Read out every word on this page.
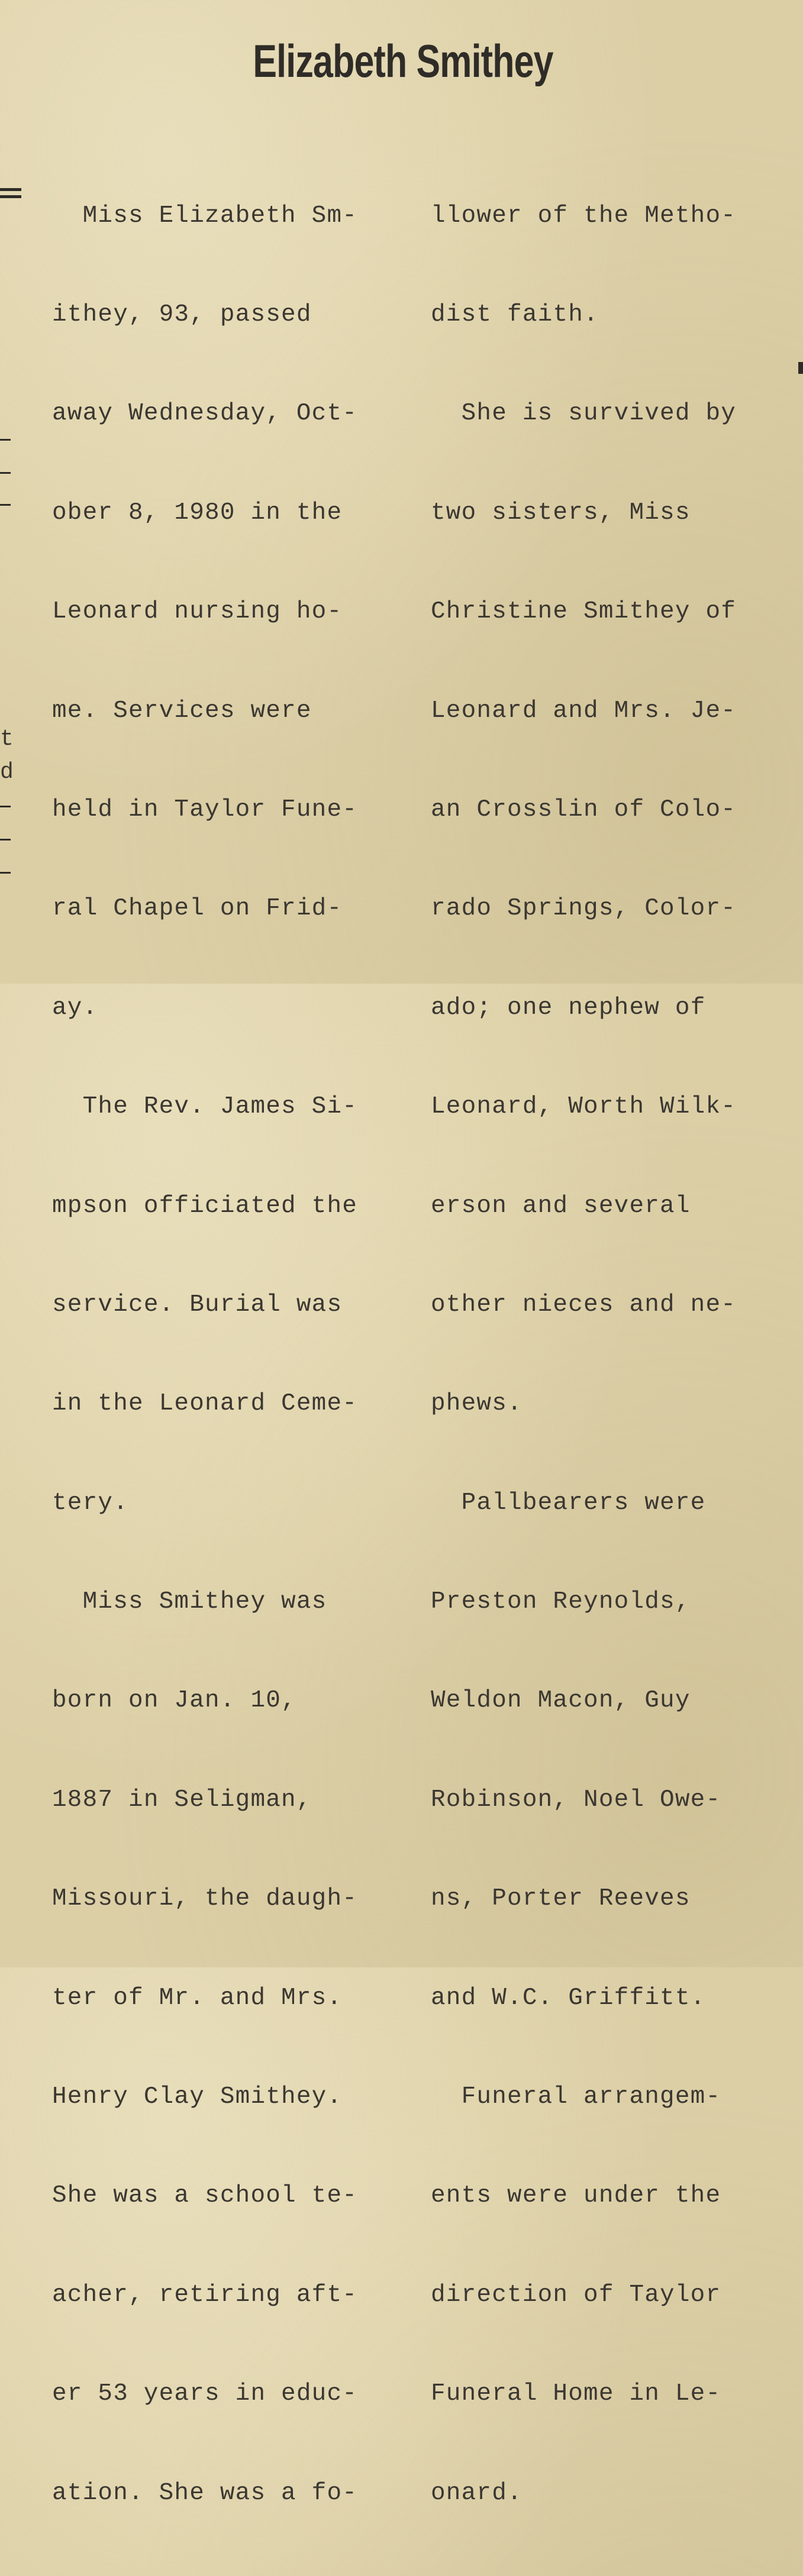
Elizabeth Smithey

Miss Elizabeth Sm-

ithey, 93, passed

away Wednesday, Oct-

ober 8, 1980 in the

Leonard nursing ho-

me. Services were

held in Taylor Fune-

ral Chapel on Frid-

ay.

The Rev. James Si-

mpson officiated the

service. Burial was

in the Leonard Ceme-

tery.

Miss Smithey was

born on Jan. 10,

1887 in Seligman,

Missouri, the daugh-

ter of Mr. and Mrs.

Henry Clay Smithey.

She was a school te-

acher, retiring aft-

er 53 years in educ-

ation. She was a fo-

llower of the Metho-

dist faith.

She is survived by

two sisters, Miss

Christine Smithey of

Leonard and Mrs. Je-

an Crosslin of Colo-

rado Springs, Color-

ado; one nephew of

Leonard, Worth Wilk-

erson and several

other nieces and ne-

phews.

Pallbearers were

Preston Reynolds,

Weldon Macon, Guy

Robinson, Noel Owe-

ns, Porter Reeves

and W.C. Griffitt.

Funeral arrangem-

ents were under the

direction of Taylor

Funeral Home in Le-

onard.

t
d
